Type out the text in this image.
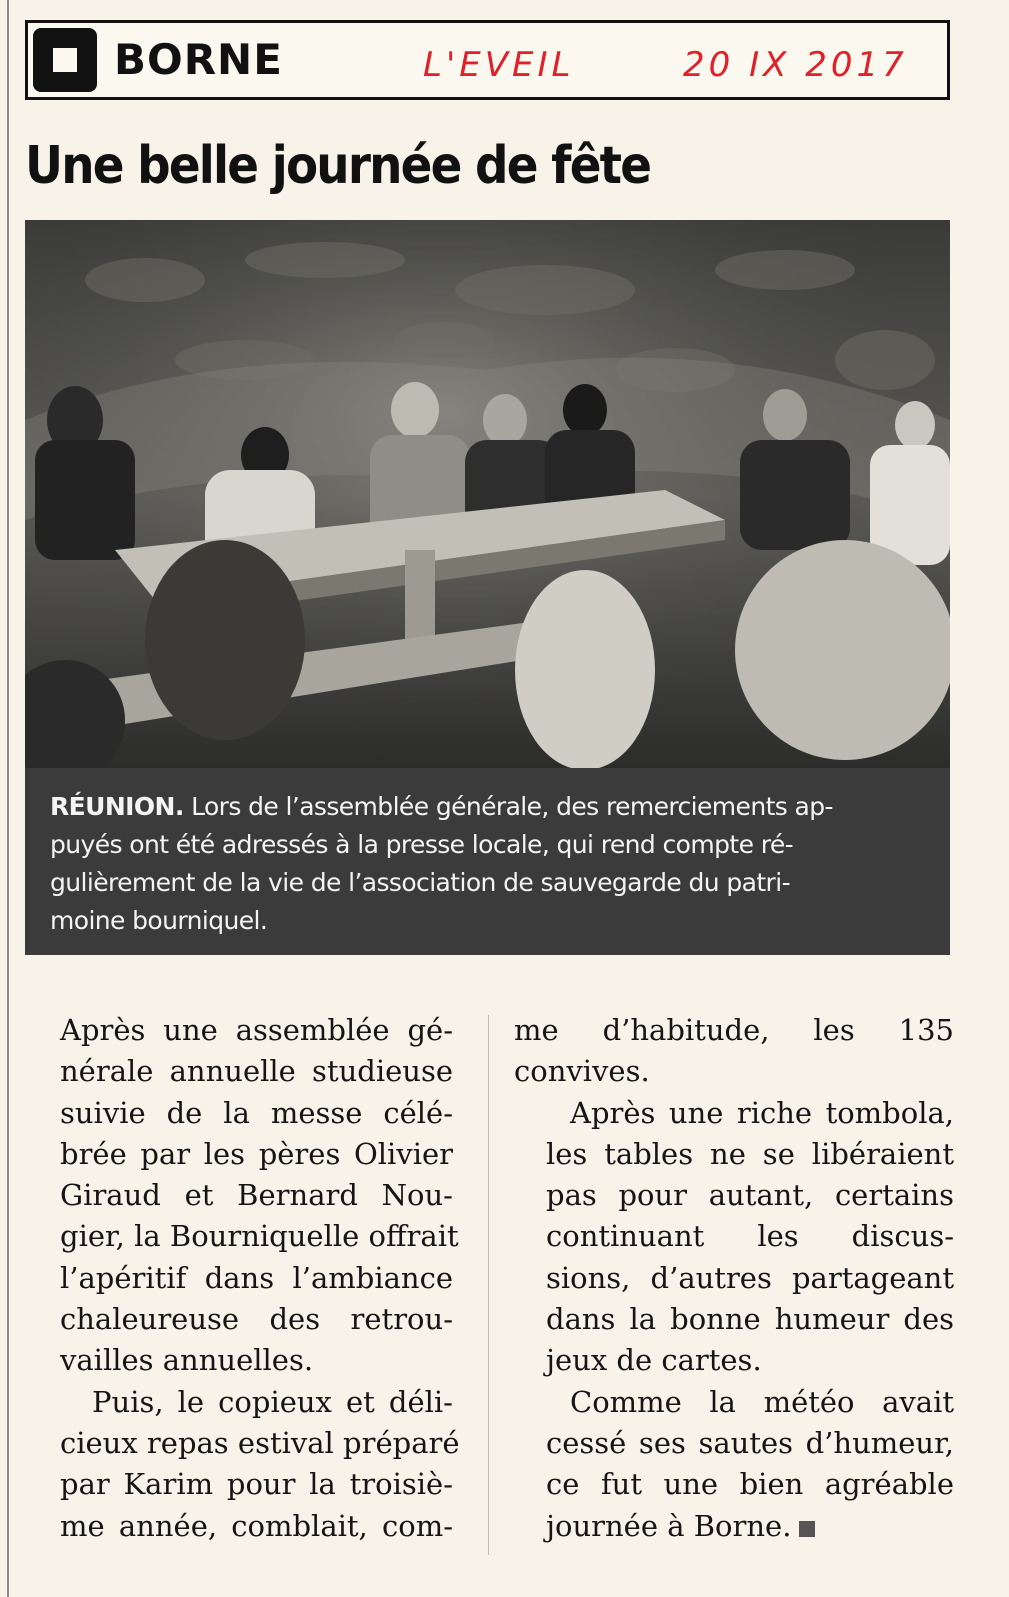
BORNE	L'EVEIL	20 IX 2017
Une belle journée de fête

RÉUNION. Lors de l’assemblée générale, des remerciements ap-

puyés ont été adressés à la presse locale, qui rend compte ré-

gulièrement de la vie de l’association de sauvegarde du patri-

moine bourniquel.

Après une assemblée gé-
nérale annuelle studieuse
suivie de la messe célé-
brée par les pères Olivier
Giraud et Bernard Nou-
gier, la Bourniquelle offrait
l’apéritif dans l’ambiance
chaleureuse des retrou-
vailles annuelles.

Puis, le copieux et déli-
cieux repas estival préparé
par Karim pour la troisiè-
me année, comblait, com-

me d’habitude, les 135
convives.

Après une riche tombola,
les tables ne se libéraient
pas pour autant, certains
continuant les discus-
sions, d’autres partageant
dans la bonne humeur des
jeux de cartes.

Comme la météo avait
cessé ses sautes d’humeur,
ce fut une bien agréable
journée à Borne.
